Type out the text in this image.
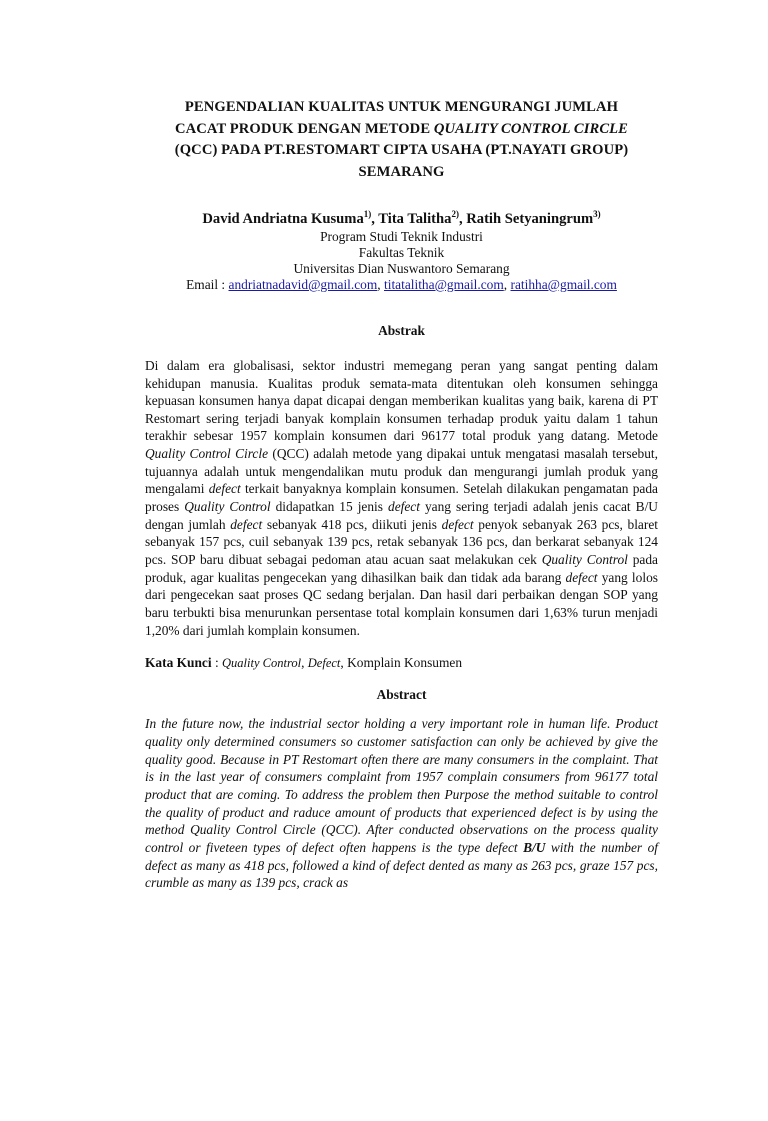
PENGENDALIAN KUALITAS UNTUK MENGURANGI JUMLAH
CACAT PRODUK DENGAN METODE QUALITY CONTROL CIRCLE
(QCC) PADA PT.RESTOMART CIPTA USAHA (PT.NAYATI GROUP)
SEMARANG
David Andriatna Kusuma$^{1)}$, Tita Talitha$^{2)}$, Ratih Setyaningrum$^{3)}$
Program Studi Teknik Industri
Fakultas Teknik
Universitas Dian Nuswantoro Semarang
Email : andriatnadavid@gmail.com, titatalitha@gmail.com, ratihha@gmail.com
Abstrak
Di dalam era globalisasi, sektor industri memegang peran yang sangat penting dalam kehidupan manusia. Kualitas produk semata-mata ditentukan oleh konsumen sehingga kepuasan konsumen hanya dapat dicapai dengan memberikan kualitas yang baik, karena di PT Restomart sering terjadi banyak komplain konsumen terhadap produk yaitu dalam 1 tahun terakhir sebesar 1957 komplain konsumen dari 96177 total produk yang datang. Metode Quality Control Circle (QCC) adalah metode yang dipakai untuk mengatasi masalah tersebut, tujuannya adalah untuk mengendalikan mutu produk dan mengurangi jumlah produk yang mengalami defect terkait banyaknya komplain konsumen. Setelah dilakukan pengamatan pada proses Quality Control didapatkan 15 jenis defect yang sering terjadi adalah jenis cacat B/U dengan jumlah defect sebanyak 418 pcs, diikuti jenis defect penyok sebanyak 263 pcs, blaret sebanyak 157 pcs, cuil sebanyak 139 pcs, retak sebanyak 136 pcs, dan berkarat sebanyak 124 pcs. SOP baru dibuat sebagai pedoman atau acuan saat melakukan cek Quality Control pada produk, agar kualitas pengecekan yang dihasilkan baik dan tidak ada barang defect yang lolos dari pengecekan saat proses QC sedang berjalan. Dan hasil dari perbaikan dengan SOP yang baru terbukti bisa menurunkan persentase total komplain konsumen dari 1,63% turun menjadi 1,20% dari jumlah komplain konsumen.
Kata Kunci : Quality Control, Defect, Komplain Konsumen
Abstract
In the future now, the industrial sector holding a very important role in human life. Product quality only determined consumers so customer satisfaction can only be achieved by give the quality good. Because in PT Restomart often there are many consumers in the complaint. That is in the last year of consumers complaint from 1957 complain consumers from 96177 total product that are coming. To address the problem then Purpose the method suitable to control the quality of product and raduce amount of products that experienced defect is by using the method Quality Control Circle (QCC). After conducted observations on the process quality control or fiveteen types of defect often happens is the type defect B/U with the number of defect as many as 418 pcs, followed a kind of defect dented as many as 263 pcs, graze 157 pcs, crumble as many as 139 pcs, crack as
